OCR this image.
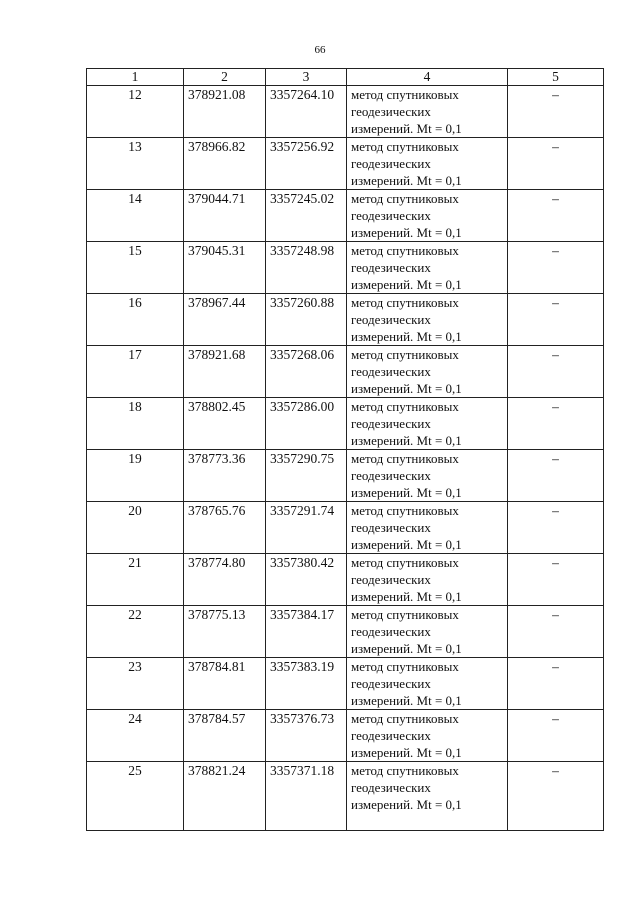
66
1	2	3	4	5
12	378921.08	3357264.10	метод спутниковых
геодезических
измерений. Mt = 0,1	–
13	378966.82	3357256.92	метод спутниковых
геодезических
измерений. Mt = 0,1	–
14	379044.71	3357245.02	метод спутниковых
геодезических
измерений. Mt = 0,1	–
15	379045.31	3357248.98	метод спутниковых
геодезических
измерений. Mt = 0,1	–
16	378967.44	3357260.88	метод спутниковых
геодезических
измерений. Mt = 0,1	–
17	378921.68	3357268.06	метод спутниковых
геодезических
измерений. Mt = 0,1	–
18	378802.45	3357286.00	метод спутниковых
геодезических
измерений. Mt = 0,1	–
19	378773.36	3357290.75	метод спутниковых
геодезических
измерений. Mt = 0,1	–
20	378765.76	3357291.74	метод спутниковых
геодезических
измерений. Mt = 0,1	–
21	378774.80	3357380.42	метод спутниковых
геодезических
измерений. Mt = 0,1	–
22	378775.13	3357384.17	метод спутниковых
геодезических
измерений. Mt = 0,1	–
23	378784.81	3357383.19	метод спутниковых
геодезических
измерений. Mt = 0,1	–
24	378784.57	3357376.73	метод спутниковых
геодезических
измерений. Mt = 0,1	–
25	378821.24	3357371.18	метод спутниковых
геодезических
измерений. Mt = 0,1	–
